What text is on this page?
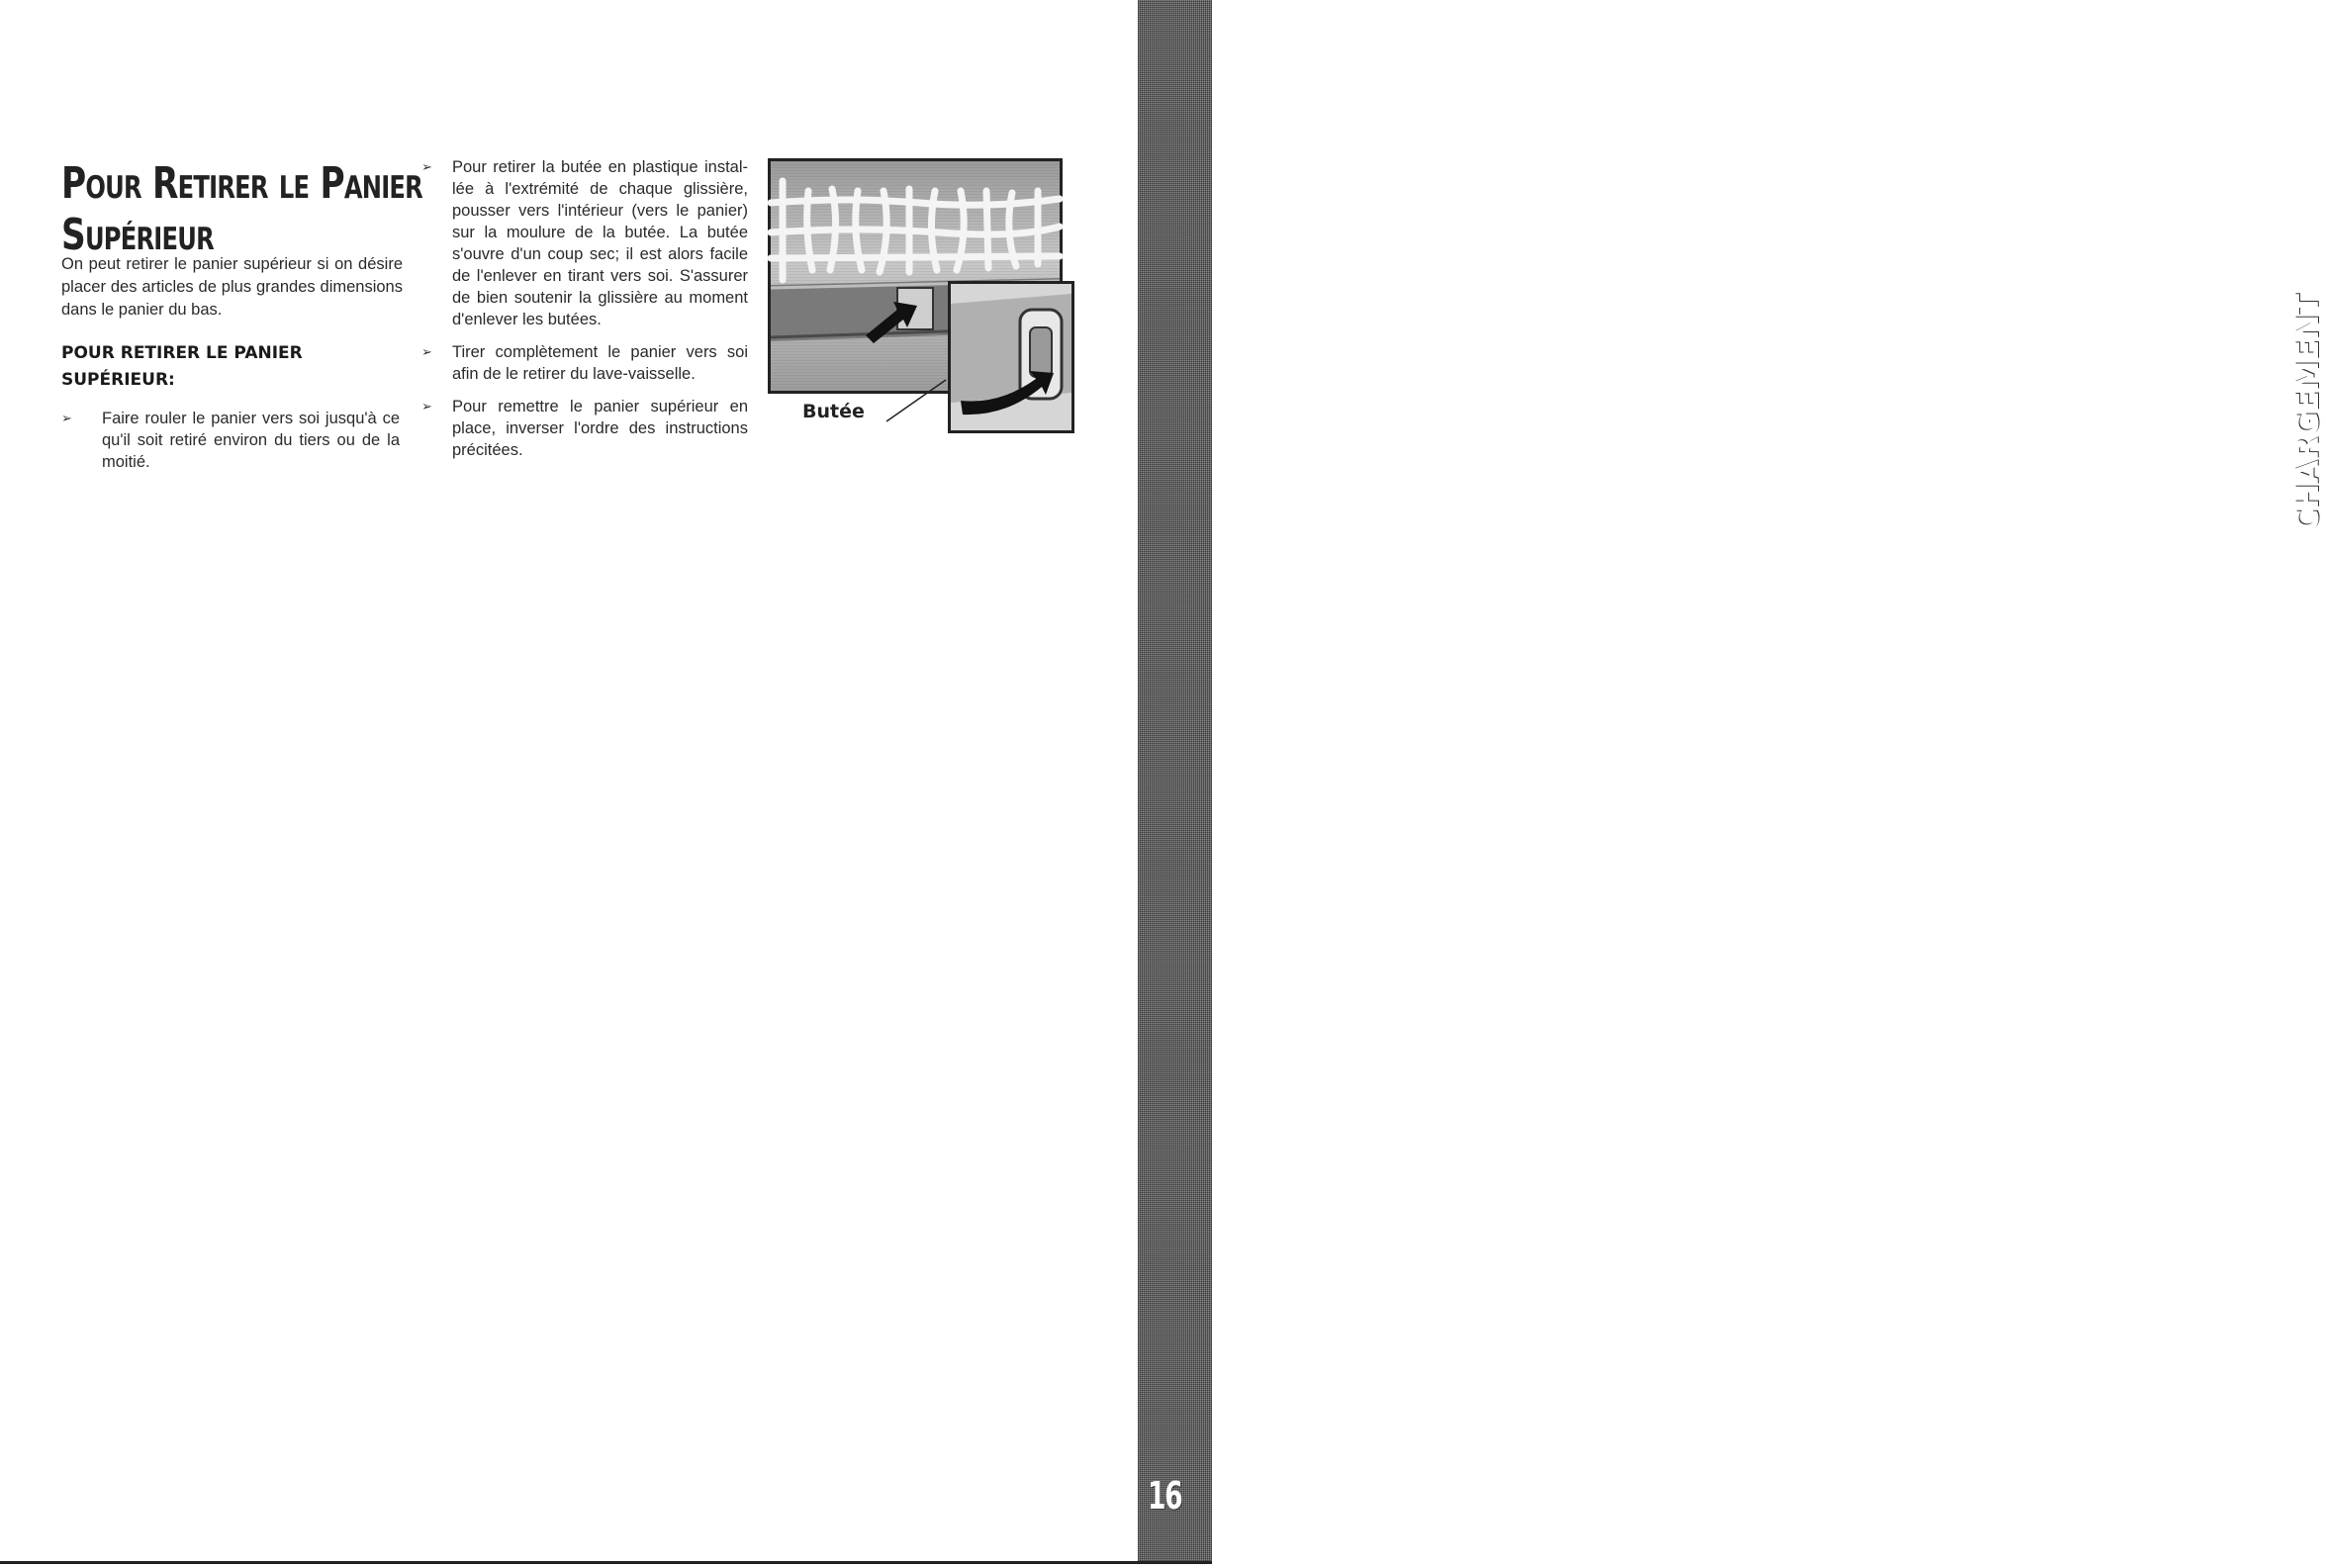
Pour Retirer le Panier
Supérieur

On peut retirer le panier supérieur si on désire placer des articles de plus grandes dimensions dans le panier du bas.

POUR RETIRER LE PANIER
SUPÉRIEUR:
➢ Faire rouler le panier vers soi jusqu'à ce qu'il soit retiré environ du tiers ou de la moitié.
➢ Pour retirer la butée en plastique instal-lée à l'extrémité de chaque glissière, pousser vers l'intérieur (vers le panier) sur la moulure de la butée. La butée s'ouvre d'un coup sec; il est alors facile de l'enlever en tirant vers soi. S'assurer de bien soutenir la glissière au moment d'enlever les butées.
➢ Tirer complètement le panier vers soi afin de le retirer du lave-vaisselle.
➢ Pour remettre le panier supérieur en place, inverser l'ordre des instructions précitées.
Butée	CHARGEMENT
16
